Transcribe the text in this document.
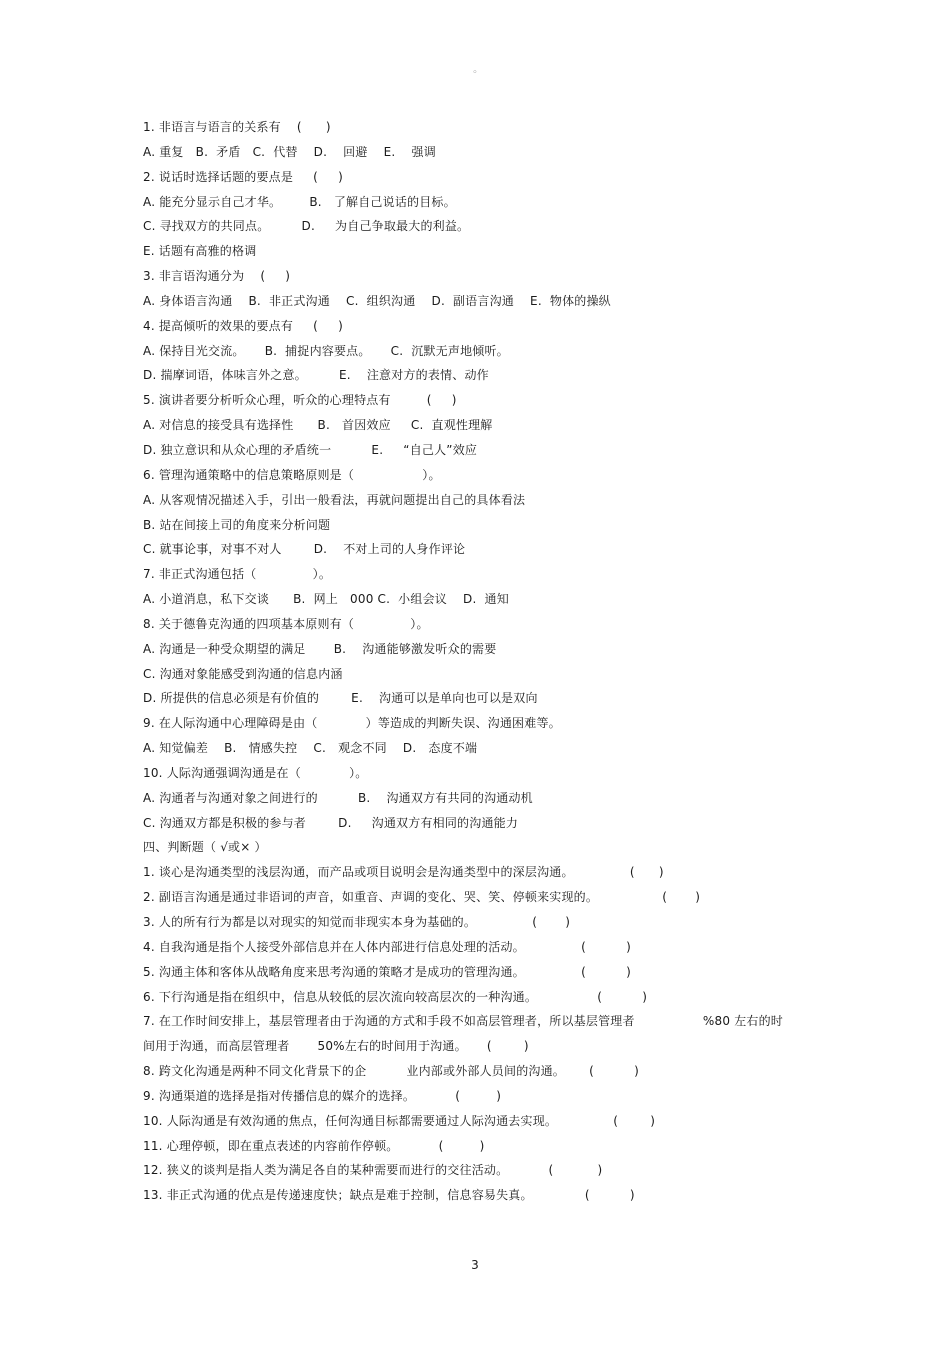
◦
1. 非语言与语言的关系有    (      )
A. 重复   B.  矛盾   C.  代替    D.    回避    E.    强调
2. 说话时选择话题的要点是     (     )
A. 能充分显示自己才华。       B.   了解自己说话的目标。
C. 寻找双方的共同点。        D.     为自己争取最大的利益。
E. 话题有高雅的格调
3. 非言语沟通分为    (     )
A. 身体语言沟通    B.  非正式沟通    C.  组织沟通    D.  副语言沟通    E.  物体的操纵
4. 提高倾听的效果的要点有     (     )
A. 保持目光交流。     B.  捕捉内容要点。     C.  沉默无声地倾听。
D. 揣摩词语，体味言外之意。        E.    注意对方的表情、动作
5. 演讲者要分析听众心理，听众的心理特点有         (     )
A. 对信息的接受具有选择性      B.   首因效应     C.  直观性理解
D. 独立意识和从众心理的矛盾统一          E.     “自己人”效应
6. 管理沟通策略中的信息策略原则是（                 ）。
A. 从客观情况描述入手，引出一般看法，再就问题提出自己的具体看法
B. 站在间接上司的角度来分析问题
C. 就事论事，对事不对人        D.    不对上司的人身作评论
7. 非正式沟通包括（              ）。
A. 小道消息，私下交谈      B.  网上   000 C.  小组会议    D.  通知
8. 关于德鲁克沟通的四项基本原则有（              ）。
A. 沟通是一种受众期望的满足       B.    沟通能够激发听众的需要
C. 沟通对象能感受到沟通的信息内涵
D. 所提供的信息必须是有价值的        E.    沟通可以是单向也可以是双向
9. 在人际沟通中心理障碍是由（            ）等造成的判断失误、沟通困难等。
A. 知觉偏差    B.   情感失控    C.   观念不同    D.   态度不端
10. 人际沟通强调沟通是在（            ）。
A. 沟通者与沟通对象之间进行的          B.    沟通双方有共同的沟通动机
C. 沟通双方都是积极的参与者        D.     沟通双方有相同的沟通能力
四、判断题（ √或× ）
1. 谈心是沟通类型的浅层沟通，而产品或项目说明会是沟通类型中的深层沟通。              (      )
2. 副语言沟通是通过非语词的声音，如重音、声调的变化、哭、笑、停顿来实现的。                (       )
3. 人的所有行为都是以对现实的知觉而非现实本身为基础的。              (       )
4. 自我沟通是指个人接受外部信息并在人体内部进行信息处理的活动。              (          )
5. 沟通主体和客体从战略角度来思考沟通的策略才是成功的管理沟通。              (          )
6. 下行沟通是指在组织中，信息从较低的层次流向较高层次的一种沟通。               (          )
7. 在工作时间安排上，基层管理者由于沟通的方式和手段不如高层管理者，所以基层管理者                 %80 左右的时
间用于沟通，而高层管理者       50%左右的时间用于沟通。     (        )
8. 跨文化沟通是两种不同文化背景下的企          业内部或外部人员间的沟通。      (          )
9. 沟通渠道的选择是指对传播信息的媒介的选择。          (         )
10. 人际沟通是有效沟通的焦点，任何沟通目标都需要通过人际沟通去实现。              (        )
11. 心理停顿，即在重点表述的内容前作停顿。          (         )
12. 狭义的谈判是指人类为满足各自的某种需要而进行的交往活动。          (           )
13. 非正式沟通的优点是传递速度快；缺点是难于控制，信息容易失真。             (          )
3
